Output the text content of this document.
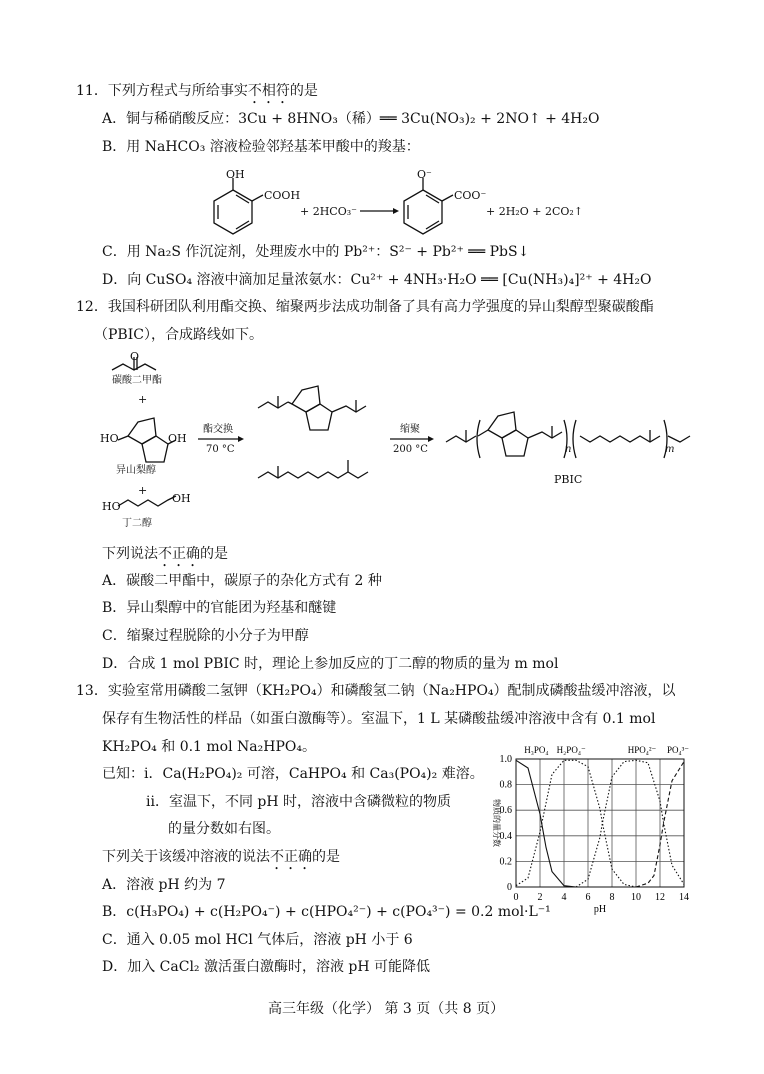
11．下列方程式与所给事实不相符的是
A．铜与稀硝酸反应：3Cu + 8HNO₃（稀）══ 3Cu(NO₃)₂ + 2NO↑ + 4H₂O
B．用 NaHCO₃ 溶液检验邻羟基苯甲酸中的羧基：
OH
COOH
+ 2HCO₃⁻
O⁻
COO⁻
+ 2H₂O + 2CO₂↑
C．用 Na₂S 作沉淀剂，处理废水中的 Pb²⁺：S²⁻ + Pb²⁺ ══ PbS↓
D．向 CuSO₄ 溶液中滴加足量浓氨水：Cu²⁺ + 4NH₃·H₂O ══ [Cu(NH₃)₄]²⁺ + 4H₂O
12．我国科研团队利用酯交换、缩聚两步法成功制备了具有高力学强度的异山梨醇型聚碳酸酯
（PBIC），合成路线如下。
O
碳酸二甲酯
+
HO	OH
异山梨醇
+
HO
OH
丁二醇
酯交换
70 °C
缩聚
200 °C	n	m
PBIC
下列说法不正确的是
A．碳酸二甲酯中，碳原子的杂化方式有 2 种
B．异山梨醇中的官能团为羟基和醚键
C．缩聚过程脱除的小分子为甲醇
D．合成 1 mol PBIC 时，理论上参加反应的丁二醇的物质的量为 m mol
13．实验室常用磷酸二氢钾（KH₂PO₄）和磷酸氢二钠（Na₂HPO₄）配制成磷酸盐缓冲溶液，以
保存有生物活性的样品（如蛋白激酶等）。室温下，1 L 某磷酸盐缓冲溶液中含有 0.1 mol
KH₂PO₄ 和 0.1 mol Na₂HPO₄。
已知：i．Ca(H₂PO₄)₂ 可溶，CaHPO₄ 和 Ca₃(PO₄)₂ 难溶。
ii．室温下，不同 pH 时，溶液中含磷微粒的物质
的量分数如右图。
下列关于该缓冲溶液的说法不正确的是
A．溶液 pH 约为 7
B．c(H₃PO₄) + c(H₂PO₄⁻) + c(HPO₄²⁻) + c(PO₄³⁻) = 0.2 mol·L⁻¹
C．通入 0.05 mol HCl 气体后，溶液 pH 小于 6
D．加入 CaCl₂ 激活蛋白激酶时，溶液 pH 可能降低
0 2 4 6 8 10 12 14
0
0.2
0.4
0.6
0.8
1.0
pH
物质的量分数
H₃PO₄ H₂PO₄⁻	HPO₄²⁻ PO₄³⁻
高三年级（化学） 第 3 页（共 8 页）
